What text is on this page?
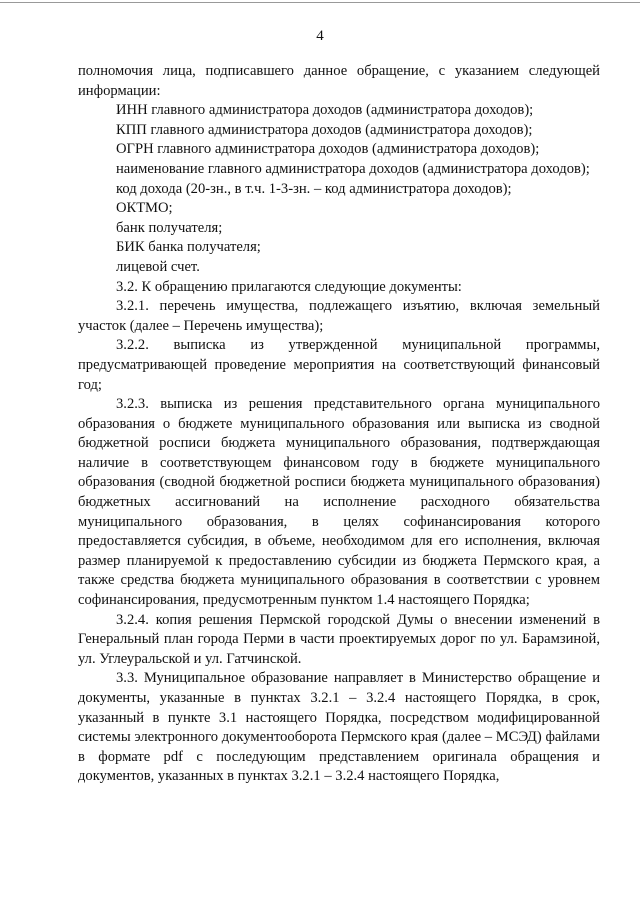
4

полномочия лица, подписавшего данное обращение, с указанием следующей информации:

ИНН главного администратора доходов (администратора доходов);

КПП главного администратора доходов (администратора доходов);

ОГРН главного администратора доходов (администратора доходов);

наименование главного администратора доходов (администратора доходов);

код дохода (20-зн., в т.ч. 1-3-зн. – код администратора доходов);

ОКТМО;

банк получателя;

БИК банка получателя;

лицевой счет.

3.2. К обращению прилагаются следующие документы:

3.2.1. перечень имущества, подлежащего изъятию, включая земельный участок (далее – Перечень имущества);

3.2.2. выписка из утвержденной муниципальной программы, предусматривающей проведение мероприятия на соответствующий финансовый год;

3.2.3. выписка из решения представительного органа муниципального образования о бюджете муниципального образования или выписка из сводной бюджетной росписи бюджета муниципального образования, подтверждающая наличие в соответствующем финансовом году в бюджете муниципального образования (сводной бюджетной росписи бюджета муниципального образования) бюджетных ассигнований на исполнение расходного обязательства муниципального образования, в целях софинансирования которого предоставляется субсидия, в объеме, необходимом для его исполнения, включая размер планируемой к предоставлению субсидии из бюджета Пермского края, а также средства бюджета муниципального образования в соответствии с уровнем софинансирования, предусмотренным пунктом 1.4 настоящего Порядка;

3.2.4. копия решения Пермской городской Думы о внесении изменений в Генеральный план города Перми в части проектируемых дорог по ул. Барамзиной, ул. Углеуральской и ул. Гатчинской.

3.3. Муниципальное образование направляет в Министерство обращение и документы, указанные в пунктах 3.2.1 – 3.2.4 настоящего Порядка, в срок, указанный в пункте 3.1 настоящего Порядка, посредством модифицированной системы электронного документооборота Пермского края (далее – МСЭД) файлами в формате pdf с последующим представлением оригинала обращения и документов, указанных в пунктах 3.2.1 – 3.2.4 настоящего Порядка,
